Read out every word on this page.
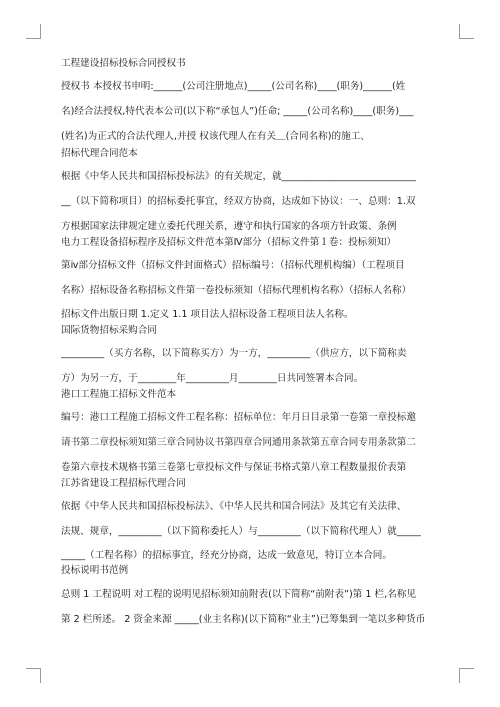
工程建设招标投标合同授权书
授权书 本授权书申明:______(公司注册地点)_____(公司名称)____(职务)______(姓
名)经合法授权,特代表本公司(以下称“承包人”)任命; _____(公司名称)____(职务)___
(姓名)为正式的合法代理人,并授 权该代理人在有关＿(合同名称)的施工、
招标代理合同范本
根据《中华人民共和国招标投标法》的有关规定，就____________________________
__（以下简称项目）的招标委托事宜，经双方协商，达成如下协议：一、总则：1.双
方根据国家法律规定建立委托代理关系，遵守和执行国家的各项方针政策、条例
电力工程设备招标程序及招标文件范本第Ⅳ部分（招标文件第１卷：投标须知）
第ⅳ部分招标文件（招标文件封面格式）招标编号：（招标代理机构编）（工程项目
名称）招标设备名称招标文件第一卷投标须知（招标代理机构名称）（招标人名称）
招标文件出版日期 1.定义 1.1 项目法人招标设备工程项目法人名称。
国际货物招标采购合同
_________（买方名称，以下简称买方）为一方，_________（供应方，以下简称卖
方）为另一方，于________年_________月________日共同签署本合同。
港口工程施工招标文件范本
编号：港口工程施工招标文件工程名称：招标单位：年月日目录第一卷第一章投标邀
请书第二章投标须知第三章合同协议书第四章合同通用条款第五章合同专用条款第二
卷第六章技术规格书第三卷第七章投标文件与保证书格式第八章工程数量报价表第
江苏省建设工程招标代理合同
依据《中华人民共和国招标投标法》、《中华人民共和国合同法》及其它有关法律、
法规、规章，_________（以下简称委托人）与_________（以下简称代理人）就_____
_____（工程名称）的招标事宜，经充分协商，达成一致意见，特订立本合同。
投标说明书范例
总则 1 工程说明 对工程的说明见招标须知前附表(以下简称“前附表”)第 1 栏,名称见
第 2 栏所述。 2 资金来源 _____(业主名称)(以下简称“业主”)已筹集到一笔以多种货币
